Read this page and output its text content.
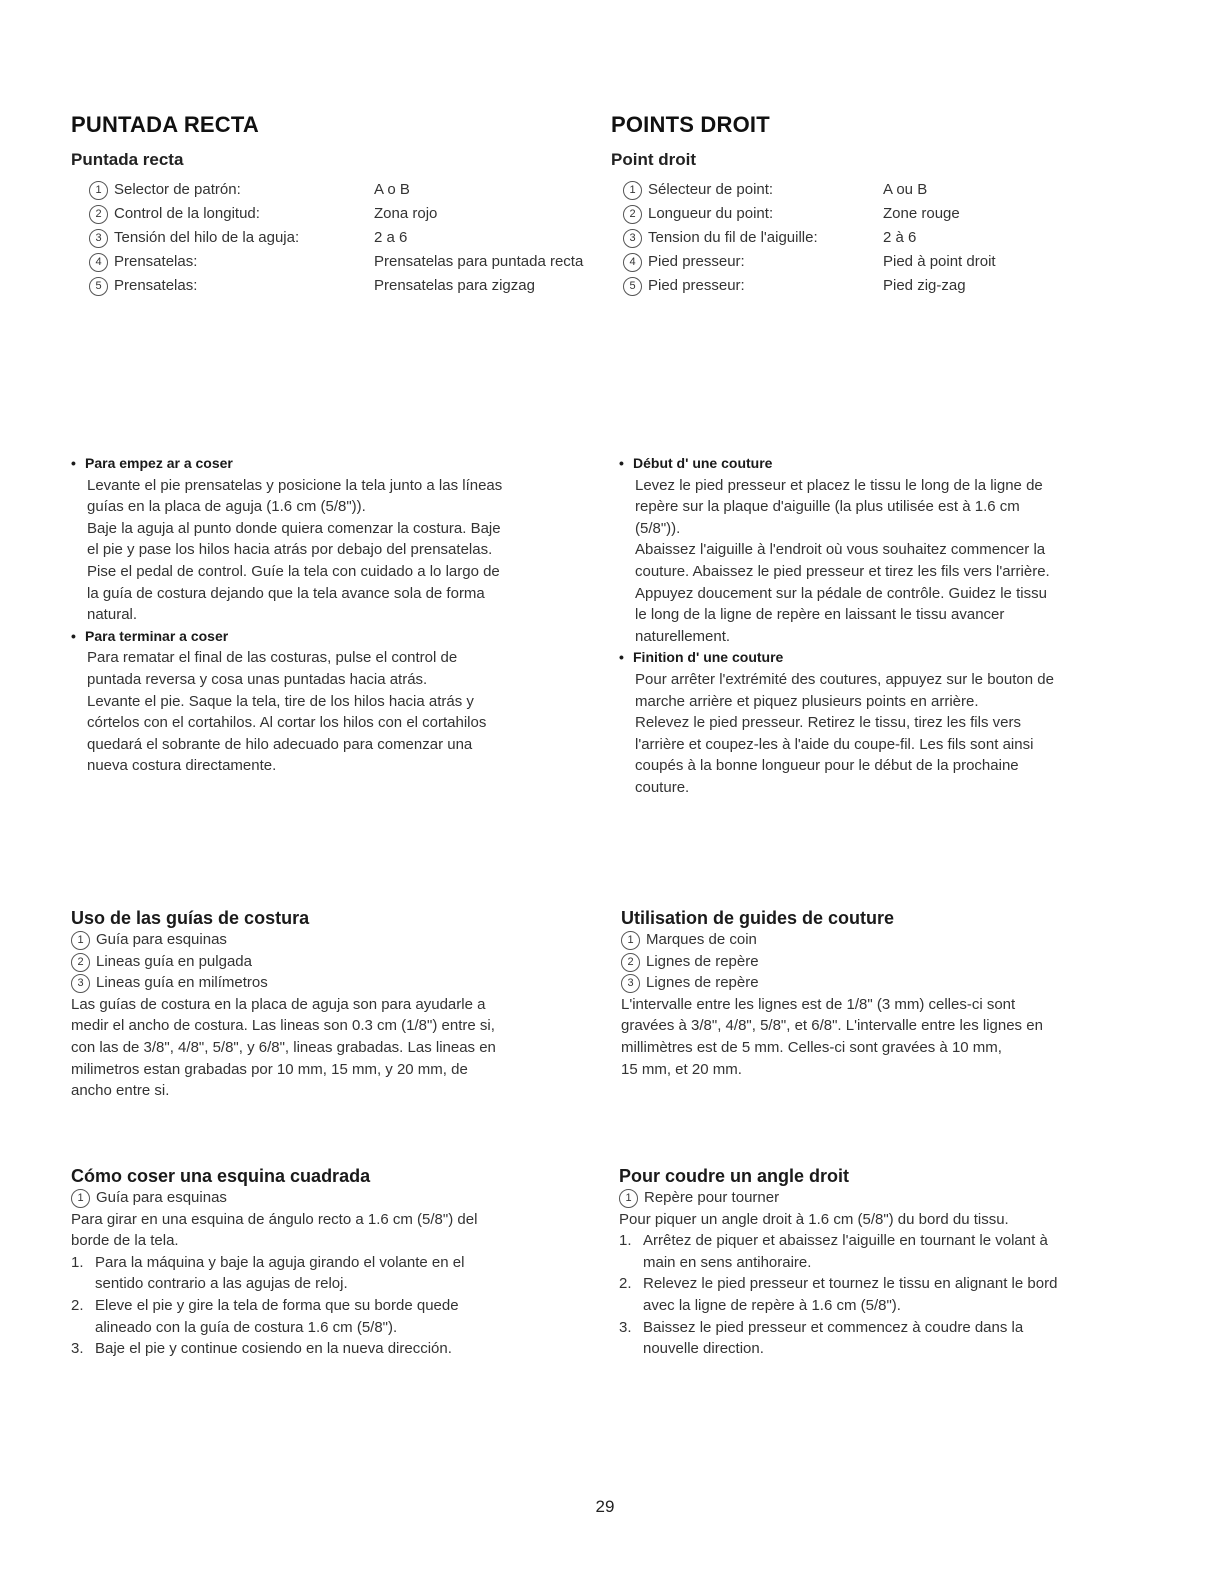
PUNTADA RECTA
Puntada recta
1 Selector de patrón:	A o B
2 Control de la longitud:	Zona rojo
3 Tensión del hilo de la aguja:	2 a 6
4 Prensatelas:	Prensatelas para puntada recta
5 Prensatelas:	Prensatelas para zigzag
• Para empez ar a coser
Levante el pie prensatelas y posicione la tela junto a las líneas
guías en la placa de aguja (1.6 cm (5/8")).
Baje la aguja al punto donde quiera comenzar la costura. Baje
el pie y pase los hilos hacia atrás por debajo del prensatelas.
Pise el pedal de control. Guíe la tela con cuidado a lo largo de
la guía de costura dejando que la tela avance sola de forma
natural.
• Para terminar a coser
Para rematar el final de las costuras, pulse el control de
puntada reversa y cosa unas puntadas hacia atrás.
Levante el pie. Saque la tela, tire de los hilos hacia atrás y
córtelos con el cortahilos. Al cortar los hilos con el cortahilos
quedará el sobrante de hilo adecuado para comenzar una
nueva costura directamente.
Uso de las guías de costura
1 Guía para esquinas
2 Lineas guía en pulgada
3 Lineas guía en milímetros
Las guías de costura en la placa de aguja son para ayudarle a
medir el ancho de costura. Las lineas son 0.3 cm (1/8") entre si,
con las de 3/8", 4/8", 5/8", y 6/8", lineas grabadas. Las lineas en
milimetros estan grabadas por 10 mm, 15 mm, y 20 mm, de
ancho entre si.
Cómo coser una esquina cuadrada
1 Guía para esquinas
Para girar en una esquina de ángulo recto a 1.6 cm (5/8") del
borde de la tela.
1. Para la máquina y baje la aguja girando el volante en el
sentido contrario a las agujas de reloj.
2. Eleve el pie y gire la tela de forma que su borde quede
alineado con la guía de costura 1.6 cm (5/8").
3. Baje el pie y continue cosiendo en la nueva dirección.
POINTS DROIT
Point droit
1 Sélecteur de point:	A ou B
2 Longueur du point:	Zone rouge
3 Tension du fil de l'aiguille:	2 à 6
4 Pied presseur:	Pied à point droit
5 Pied presseur:	Pied zig-zag
• Début d' une couture
Levez le pied presseur et placez le tissu le long de la ligne de
repère sur la plaque d'aiguille (la plus utilisée est à 1.6 cm
(5/8")).
Abaissez l'aiguille à l'endroit où vous souhaitez commencer la
couture. Abaissez le pied presseur et tirez les fils vers l'arrière.
Appuyez doucement sur la pédale de contrôle. Guidez le tissu
le long de la ligne de repère en laissant le tissu avancer
naturellement.
• Finition d' une couture
Pour arrêter l'extrémité des coutures, appuyez sur le bouton de
marche arrière et piquez plusieurs points en arrière.
Relevez le pied presseur. Retirez le tissu, tirez les fils vers
l'arrière et coupez-les à l'aide du coupe-fil. Les fils sont ainsi
coupés à la bonne longueur pour le début de la prochaine
couture.
Utilisation de guides de couture
1 Marques de coin
2 Lignes de repère
3 Lignes de repère
L'intervalle entre les lignes est de 1/8" (3 mm) celles-ci sont
gravées à 3/8", 4/8", 5/8", et 6/8". L'intervalle entre les lignes en
millimètres est de 5 mm. Celles-ci sont gravées à 10 mm,
15 mm, et 20 mm.
Pour coudre un angle droit
1 Repère pour tourner
Pour piquer un angle droit à 1.6 cm (5/8") du bord du tissu.
1. Arrêtez de piquer et abaissez l'aiguille en tournant le volant à
main en sens antihoraire.
2. Relevez le pied presseur et tournez le tissu en alignant le bord
avec la ligne de repère à 1.6 cm (5/8").
3. Baissez le pied presseur et commencez à coudre dans la
nouvelle direction.
29
